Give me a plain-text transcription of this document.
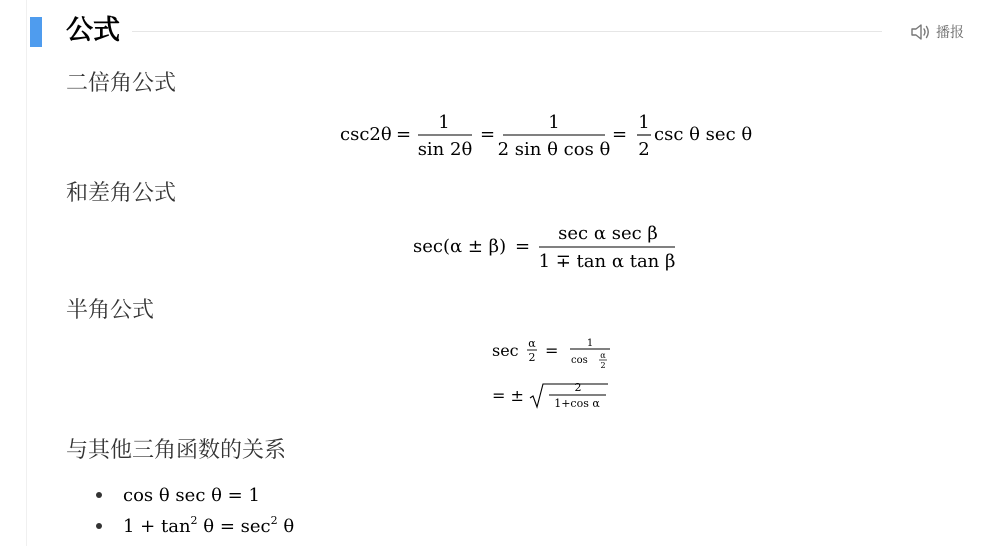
公式	播报
二倍角公式
csc2θ =
1
sin 2θ
=
1
2 sin θ cos θ
=
1
2
csc θ sec θ
和差角公式
sec(α ± β) =
sec α sec β
1 ∓ tan α tan β
半角公式
sec α
2 =	1
cos α
2
= ±	2
1+cos α
与其他三角函数的关系
cos θ sec θ = 1
$1 + \tan^2 \theta = \sec^2 \theta$
